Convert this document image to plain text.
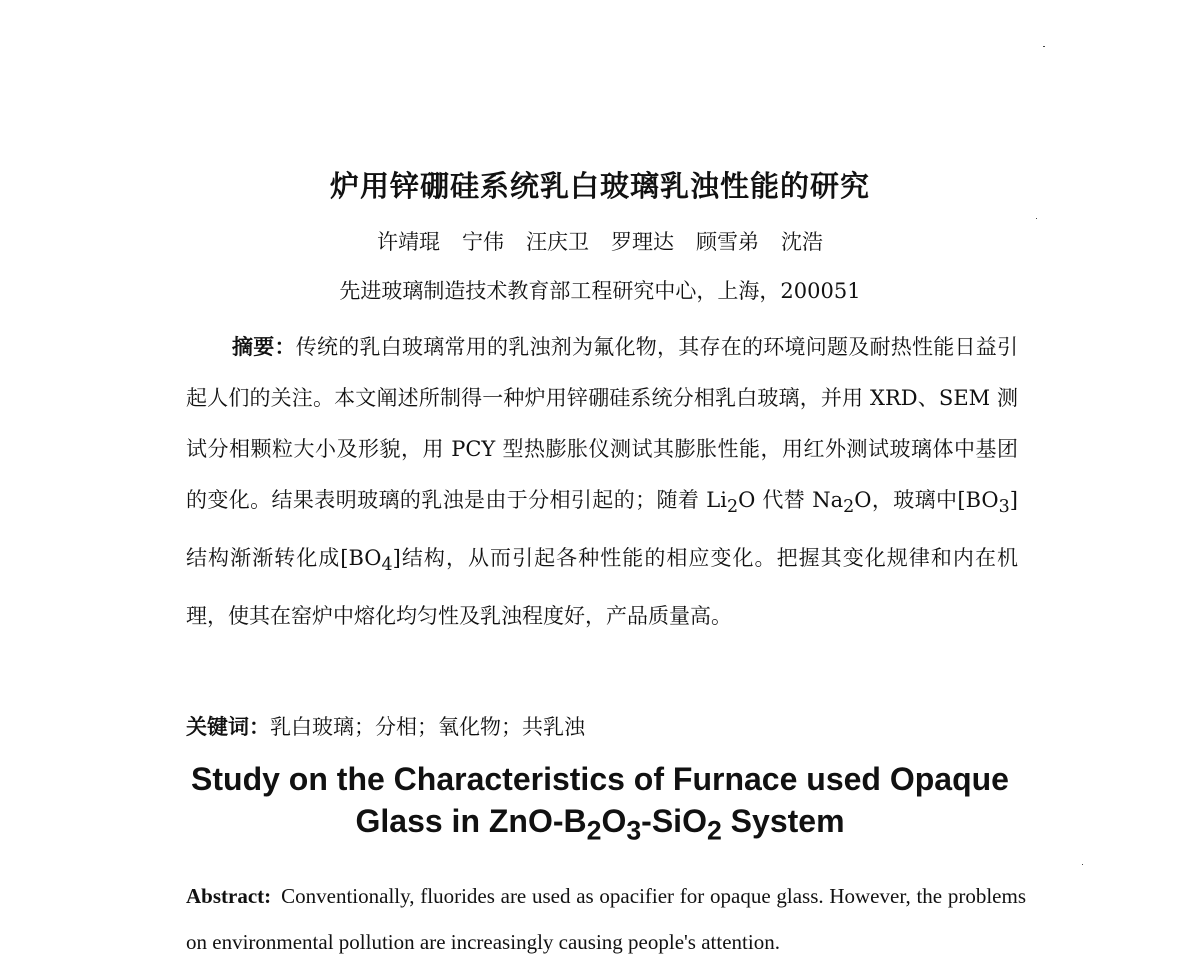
炉用锌硼硅系统乳白玻璃乳浊性能的研究
许靖琨 宁伟 汪庆卫 罗理达 顾雪弟 沈浩
先进玻璃制造技术教育部工程研究中心，上海，200051

摘要：传统的乳白玻璃常用的乳浊剂为氟化物，其存在的环境问题及耐热性能日益引起人们的关注。本文阐述所制得一种炉用锌硼硅系统分相乳白玻璃，并用 XRD、SEM 测试分相颗粒大小及形貌，用 PCY 型热膨胀仪测试其膨胀性能，用红外测试玻璃体中基团的变化。结果表明玻璃的乳浊是由于分相引起的；随着 $Li_2O$ 代替 $Na_2O$，玻璃中$[BO_3]$结构渐渐转化成$[BO_4]$结构，从而引起各种性能的相应变化。把握其变化规律和内在机理，使其在窑炉中熔化均匀性及乳浊程度好，产品质量高。

关键词：乳白玻璃；分相；氧化物；共乳浊

Study on the Characteristics of Furnace used Opaque
Glass in ZnO-$B_2O_3-SiO_2$ System

Abstract: Conventionally, fluorides are used as opacifier for opaque glass. However, the problems on environmental pollution are increasingly causing people's attention.
